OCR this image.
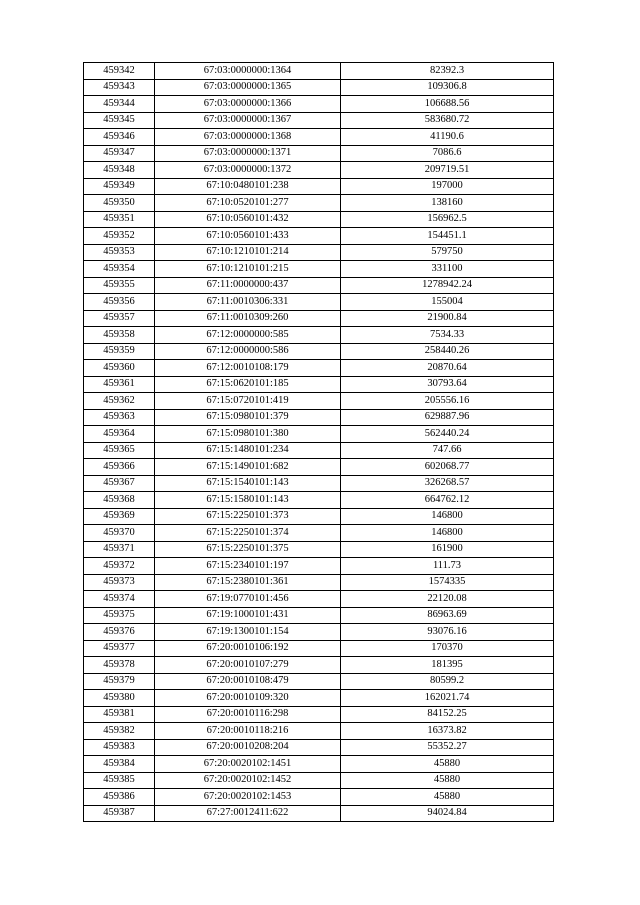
459342	67:03:0000000:1364	82392.3
459343	67:03:0000000:1365	109306.8
459344	67:03:0000000:1366	106688.56
459345	67:03:0000000:1367	583680.72
459346	67:03:0000000:1368	41190.6
459347	67:03:0000000:1371	7086.6
459348	67:03:0000000:1372	209719.51
459349	67:10:0480101:238	197000
459350	67:10:0520101:277	138160
459351	67:10:0560101:432	156962.5
459352	67:10:0560101:433	154451.1
459353	67:10:1210101:214	579750
459354	67:10:1210101:215	331100
459355	67:11:0000000:437	1278942.24
459356	67:11:0010306:331	155004
459357	67:11:0010309:260	21900.84
459358	67:12:0000000:585	7534.33
459359	67:12:0000000:586	258440.26
459360	67:12:0010108:179	20870.64
459361	67:15:0620101:185	30793.64
459362	67:15:0720101:419	205556.16
459363	67:15:0980101:379	629887.96
459364	67:15:0980101:380	562440.24
459365	67:15:1480101:234	747.66
459366	67:15:1490101:682	602068.77
459367	67:15:1540101:143	326268.57
459368	67:15:1580101:143	664762.12
459369	67:15:2250101:373	146800
459370	67:15:2250101:374	146800
459371	67:15:2250101:375	161900
459372	67:15:2340101:197	111.73
459373	67:15:2380101:361	1574335
459374	67:19:0770101:456	22120.08
459375	67:19:1000101:431	86963.69
459376	67:19:1300101:154	93076.16
459377	67:20:0010106:192	170370
459378	67:20:0010107:279	181395
459379	67:20:0010108:479	80599.2
459380	67:20:0010109:320	162021.74
459381	67:20:0010116:298	84152.25
459382	67:20:0010118:216	16373.82
459383	67:20:0010208:204	55352.27
459384	67:20:0020102:1451	45880
459385	67:20:0020102:1452	45880
459386	67:20:0020102:1453	45880
459387	67:27:0012411:622	94024.84
